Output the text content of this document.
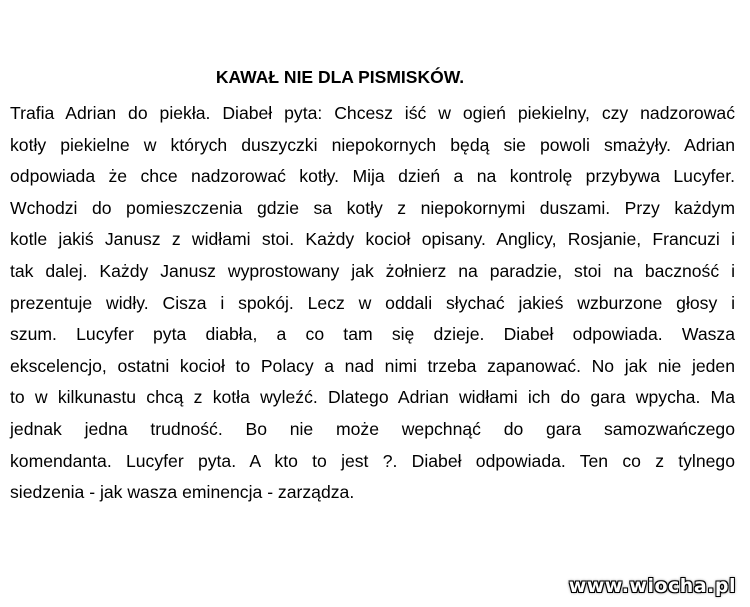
KAWAŁ NIE DLA PISMISKÓW.
Trafia Adrian do piekła. Diabeł pyta: Chcesz iść w ogień piekielny, czy nadzorować
kotły piekielne w których duszyczki niepokornych będą sie powoli smażyły. Adrian
odpowiada że chce nadzorować kotły. Mija dzień a na kontrolę przybywa Lucyfer.
Wchodzi do pomieszczenia gdzie sa kotły z niepokornymi duszami. Przy każdym
kotle jakiś Janusz z widłami stoi. Każdy kocioł opisany. Anglicy, Rosjanie, Francuzi i
tak dalej. Każdy Janusz wyprostowany jak żołnierz na paradzie, stoi na baczność i
prezentuje widły. Cisza i spokój. Lecz w oddali słychać jakieś wzburzone głosy i
szum. Lucyfer pyta diabła, a co tam się dzieje. Diabeł odpowiada. Wasza
ekscelencjo, ostatni kocioł to Polacy a nad nimi trzeba zapanować. No jak nie jeden
to w kilkunastu chcą z kotła wyleźć. Dlatego Adrian widłami ich do gara wpycha. Ma
jednak jedna trudność. Bo nie może wepchnąć do gara samozwańczego
komendanta. Lucyfer pyta. A kto to jest ?. Diabeł odpowiada. Ten co z tylnego
siedzenia - jak wasza eminencja - zarządza.
www.wiocha.pl
